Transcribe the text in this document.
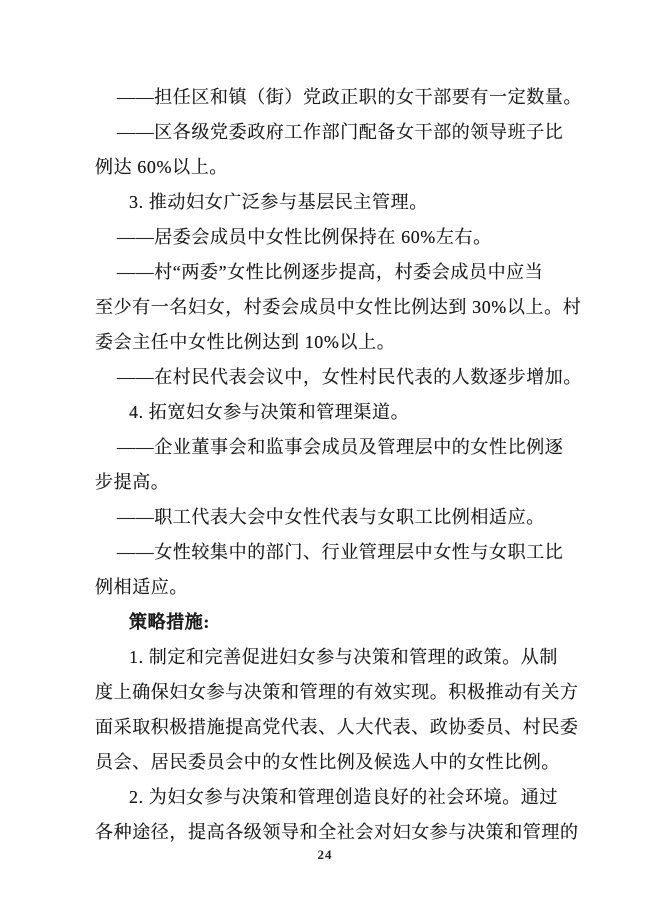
——担任区和镇（街）党政正职的女干部要有一定数量。
——区各级党委政府工作部门配备女干部的领导班子比
例达 60%以上。
3. 推动妇女广泛参与基层民主管理。
——居委会成员中女性比例保持在 60%左右。
——村“两委”女性比例逐步提高，村委会成员中应当
至少有一名妇女，村委会成员中女性比例达到 30%以上。村
委会主任中女性比例达到 10%以上。
——在村民代表会议中，女性村民代表的人数逐步增加。
4. 拓宽妇女参与决策和管理渠道。
——企业董事会和监事会成员及管理层中的女性比例逐
步提高。
——职工代表大会中女性代表与女职工比例相适应。
——女性较集中的部门、行业管理层中女性与女职工比
例相适应。
策略措施:
1. 制定和完善促进妇女参与决策和管理的政策。从制
度上确保妇女参与决策和管理的有效实现。积极推动有关方
面采取积极措施提高党代表、人大代表、政协委员、村民委
员会、居民委员会中的女性比例及候选人中的女性比例。
2. 为妇女参与决策和管理创造良好的社会环境。通过
各种途径，提高各级领导和全社会对妇女参与决策和管理的
24
